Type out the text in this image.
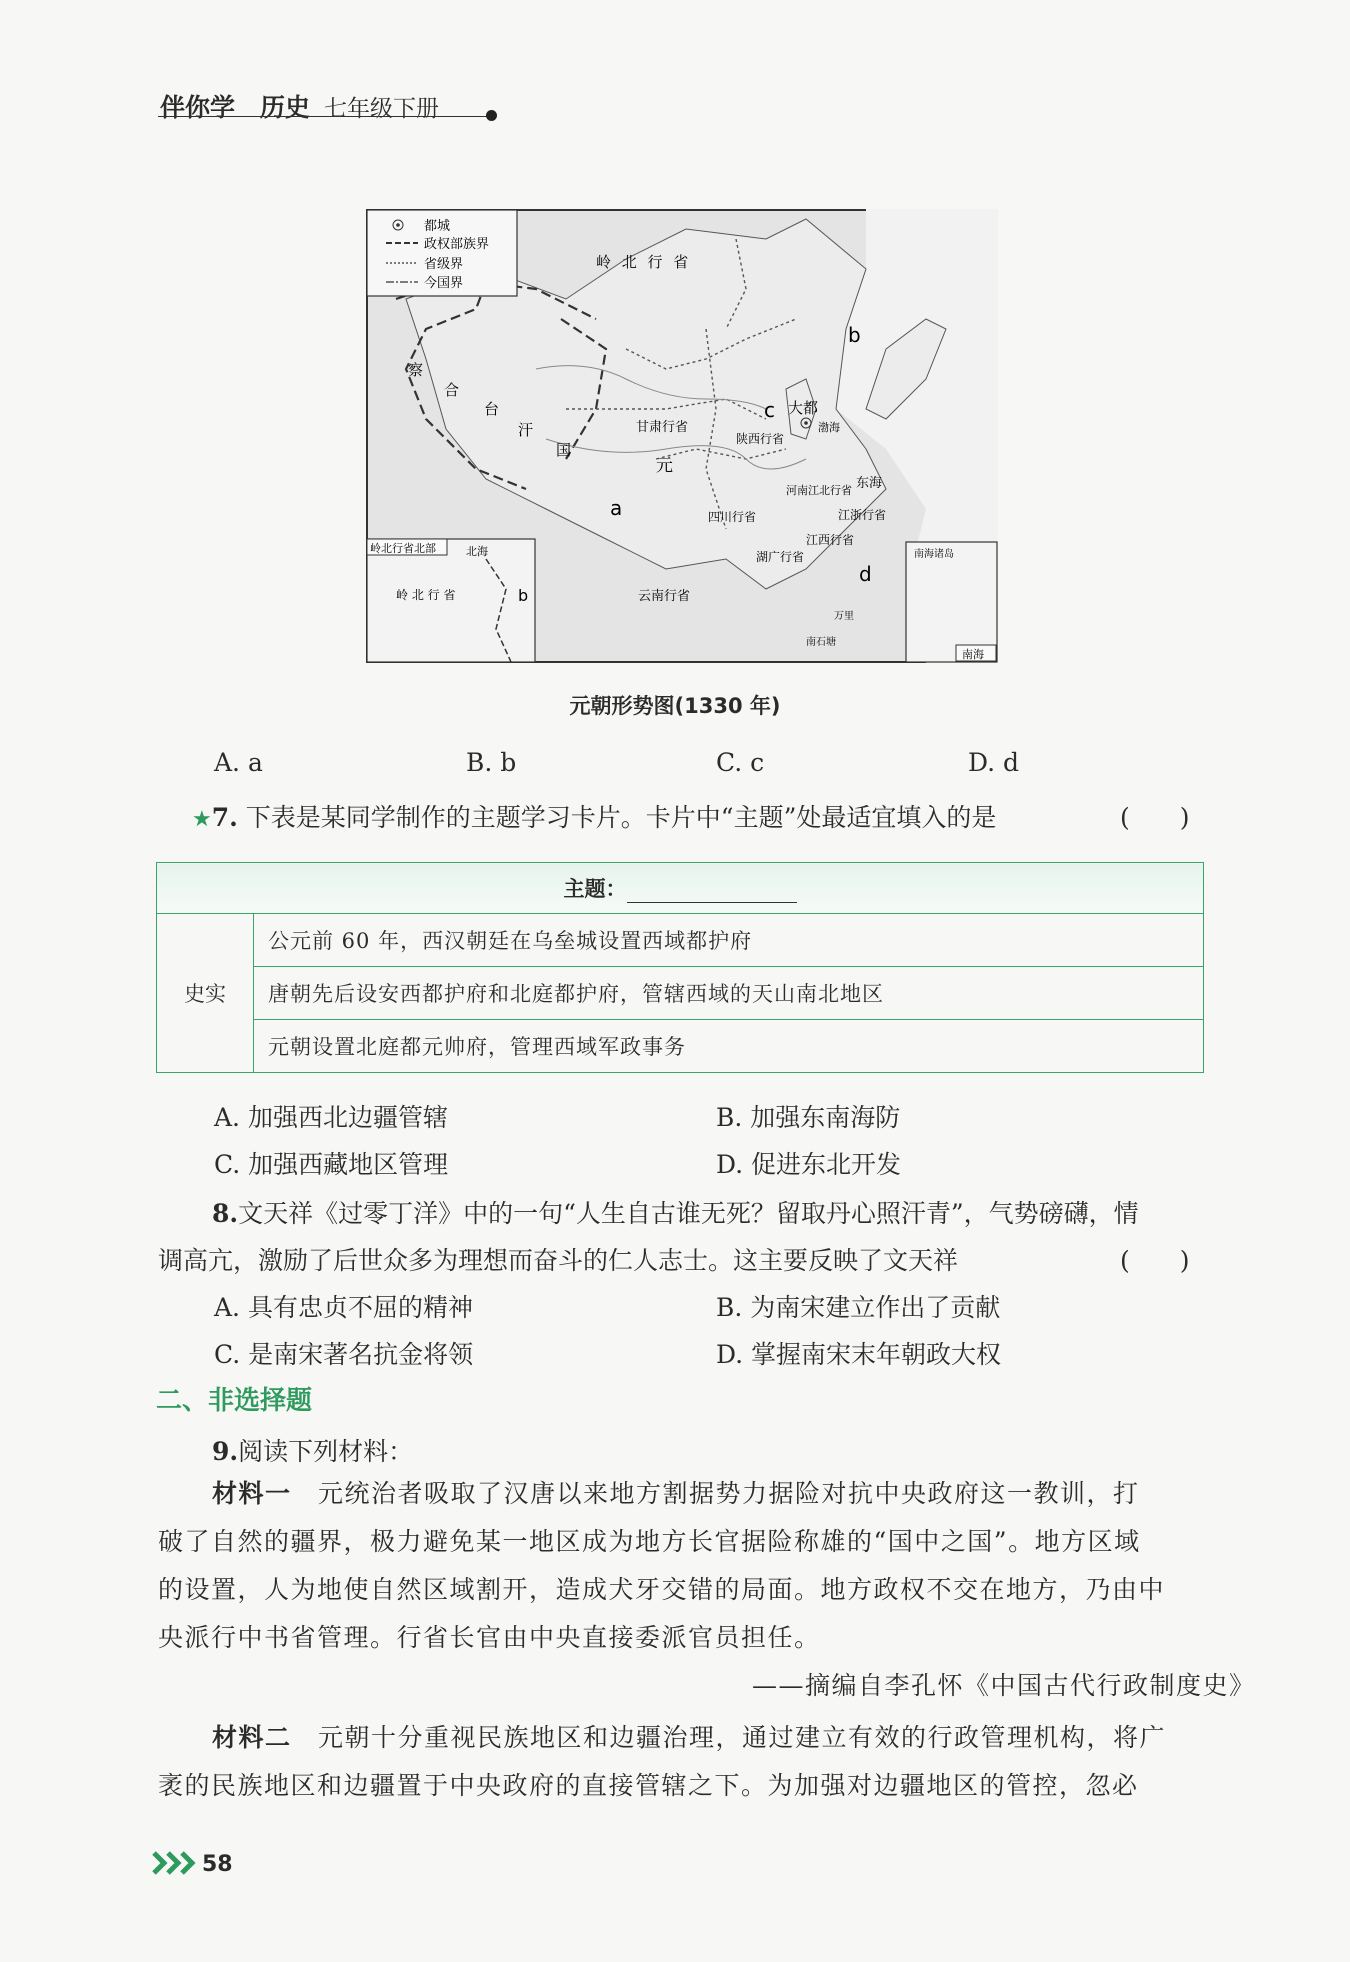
伴你学　历史 七年级下册
都城
政权部族界
省级界
今国界
岭 北 行 省
察
合
台
汗
国
元
甘肃行省
陕西行省
河南江北行省
四川行省
湖广行省
江浙行省
江西行省
云南行省
大都
渤海
东海
万里
南石塘
a
b
c
d
岭北行省北部	北海
岭 北 行 省	b
南海诸岛
南海
元朝形势图(1330 年)
A. a	B. b	C. c	D. d
★7. 下表是某同学制作的主题学习卡片。卡片中“主题”处最适宜填入的是	(　　)
主题：
史实	公元前 60 年，西汉朝廷在乌垒城设置西域都护府
唐朝先后设安西都护府和北庭都护府，管辖西域的天山南北地区
元朝设置北庭都元帅府，管理西域军政事务
A. 加强西北边疆管辖	B. 加强东南海防
C. 加强西藏地区管理	D. 促进东北开发
8.文天祥《过零丁洋》中的一句“人生自古谁无死？留取丹心照汗青”，气势磅礴，情
调高亢，激励了后世众多为理想而奋斗的仁人志士。这主要反映了文天祥	(　　)
A. 具有忠贞不屈的精神	B. 为南宋建立作出了贡献
C. 是南宋著名抗金将领	D. 掌握南宋末年朝政大权
二、非选择题
9.阅读下列材料：
材料一　 元统治者吸取了汉唐以来地方割据势力据险对抗中央政府这一教训，打
破了自然的疆界，极力避免某一地区成为地方长官据险称雄的“国中之国”。地方区域
的设置，人为地使自然区域割开，造成犬牙交错的局面。地方政权不交在地方，乃由中
央派行中书省管理。行省长官由中央直接委派官员担任。
——摘编自李孔怀《中国古代行政制度史》
材料二　 元朝十分重视民族地区和边疆治理，通过建立有效的行政管理机构，将广
袤的民族地区和边疆置于中央政府的直接管辖之下。为加强对边疆地区的管控，忽必
58
